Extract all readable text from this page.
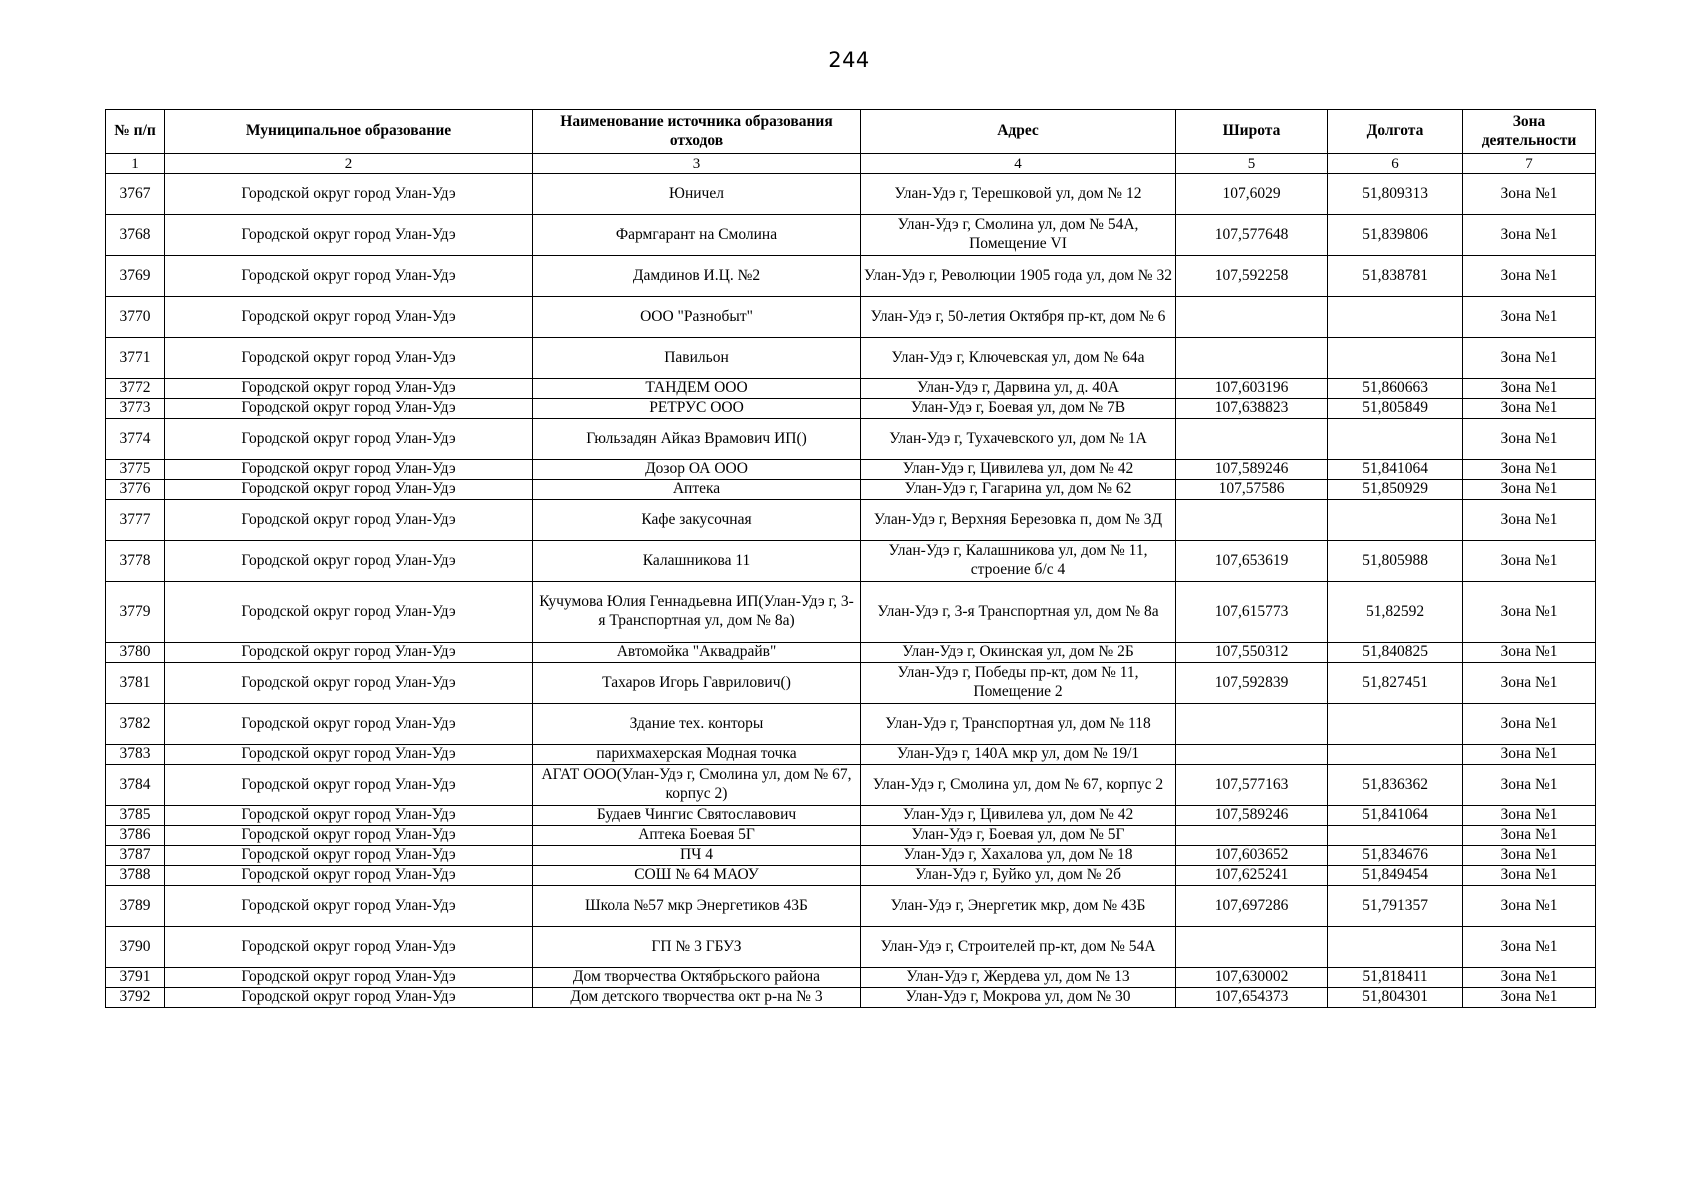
244
№ п/п	Муниципальное образование	Наименование источника образования отходов	Адрес	Широта	Долгота	Зона деятельности
1	2	3	4	5	6	7
3767	Городской округ город Улан-Удэ	Юничел	Улан-Удэ г, Терешковой ул, дом № 12	107,6029	51,809313	Зона №1
3768	Городской округ город Улан-Удэ	Фармгарант на Смолина	Улан-Удэ г, Смолина ул, дом № 54А, Помещение VI	107,577648	51,839806	Зона №1
3769	Городской округ город Улан-Удэ	Дамдинов И.Ц. №2	Улан-Удэ г, Революции 1905 года ул, дом № 32	107,592258	51,838781	Зона №1
3770	Городской округ город Улан-Удэ	ООО "Разнобыт"	Улан-Удэ г, 50-летия Октября пр-кт, дом № 6			Зона №1
3771	Городской округ город Улан-Удэ	Павильон	Улан-Удэ г, Ключевская ул, дом № 64а			Зона №1
3772	Городской округ город Улан-Удэ	ТАНДЕМ ООО	Улан-Удэ г, Дарвина ул, д. 40А	107,603196	51,860663	Зона №1
3773	Городской округ город Улан-Удэ	РЕТРУС ООО	Улан-Удэ г, Боевая ул, дом № 7В	107,638823	51,805849	Зона №1
3774	Городской округ город Улан-Удэ	Гюльзадян Айказ Врамович ИП()	Улан-Удэ г, Тухачевского ул, дом № 1А			Зона №1
3775	Городской округ город Улан-Удэ	Дозор ОА ООО	Улан-Удэ г, Цивилева ул, дом № 42	107,589246	51,841064	Зона №1
3776	Городской округ город Улан-Удэ	Аптека	Улан-Удэ г, Гагарина ул, дом № 62	107,57586	51,850929	Зона №1
3777	Городской округ город Улан-Удэ	Кафе закусочная	Улан-Удэ г, Верхняя Березовка п, дом № 3Д			Зона №1
3778	Городской округ город Улан-Удэ	Калашникова 11	Улан-Удэ г, Калашникова ул, дом № 11, строение б/с 4	107,653619	51,805988	Зона №1
3779	Городской округ город Улан-Удэ	Кучумова Юлия Геннадьевна ИП(Улан-Удэ г, 3-я Транспортная ул, дом № 8а)	Улан-Удэ г, 3-я Транспортная ул, дом № 8а	107,615773	51,82592	Зона №1
3780	Городской округ город Улан-Удэ	Автомойка "Аквадрайв"	Улан-Удэ г, Окинская ул, дом № 2Б	107,550312	51,840825	Зона №1
3781	Городской округ город Улан-Удэ	Тахаров Игорь Гаврилович()	Улан-Удэ г, Победы пр-кт, дом № 11, Помещение 2	107,592839	51,827451	Зона №1
3782	Городской округ город Улан-Удэ	Здание тех. конторы	Улан-Удэ г, Транспортная ул, дом № 118			Зона №1
3783	Городской округ город Улан-Удэ	парихмахерская Модная точка	Улан-Удэ г, 140А мкр ул, дом № 19/1			Зона №1
3784	Городской округ город Улан-Удэ	АГАТ ООО(Улан-Удэ г, Смолина ул, дом № 67, корпус 2)	Улан-Удэ г, Смолина ул, дом № 67, корпус 2	107,577163	51,836362	Зона №1
3785	Городской округ город Улан-Удэ	Будаев Чингис Святославович	Улан-Удэ г, Цивилева ул, дом № 42	107,589246	51,841064	Зона №1
3786	Городской округ город Улан-Удэ	Аптека Боевая 5Г	Улан-Удэ г, Боевая ул, дом № 5Г			Зона №1
3787	Городской округ город Улан-Удэ	ПЧ 4	Улан-Удэ г, Хахалова ул, дом № 18	107,603652	51,834676	Зона №1
3788	Городской округ город Улан-Удэ	СОШ № 64 МАОУ	Улан-Удэ г, Буйко ул, дом № 2б	107,625241	51,849454	Зона №1
3789	Городской округ город Улан-Удэ	Школа №57 мкр Энергетиков 43Б	Улан-Удэ г, Энергетик мкр, дом № 43Б	107,697286	51,791357	Зона №1
3790	Городской округ город Улан-Удэ	ГП № 3 ГБУЗ	Улан-Удэ г, Строителей пр-кт, дом № 54А			Зона №1
3791	Городской округ город Улан-Удэ	Дом творчества Октябрьского района	Улан-Удэ г, Жердева ул, дом № 13	107,630002	51,818411	Зона №1
3792	Городской округ город Улан-Удэ	Дом детского творчества окт р-на № 3	Улан-Удэ г, Мокрова ул, дом № 30	107,654373	51,804301	Зона №1
